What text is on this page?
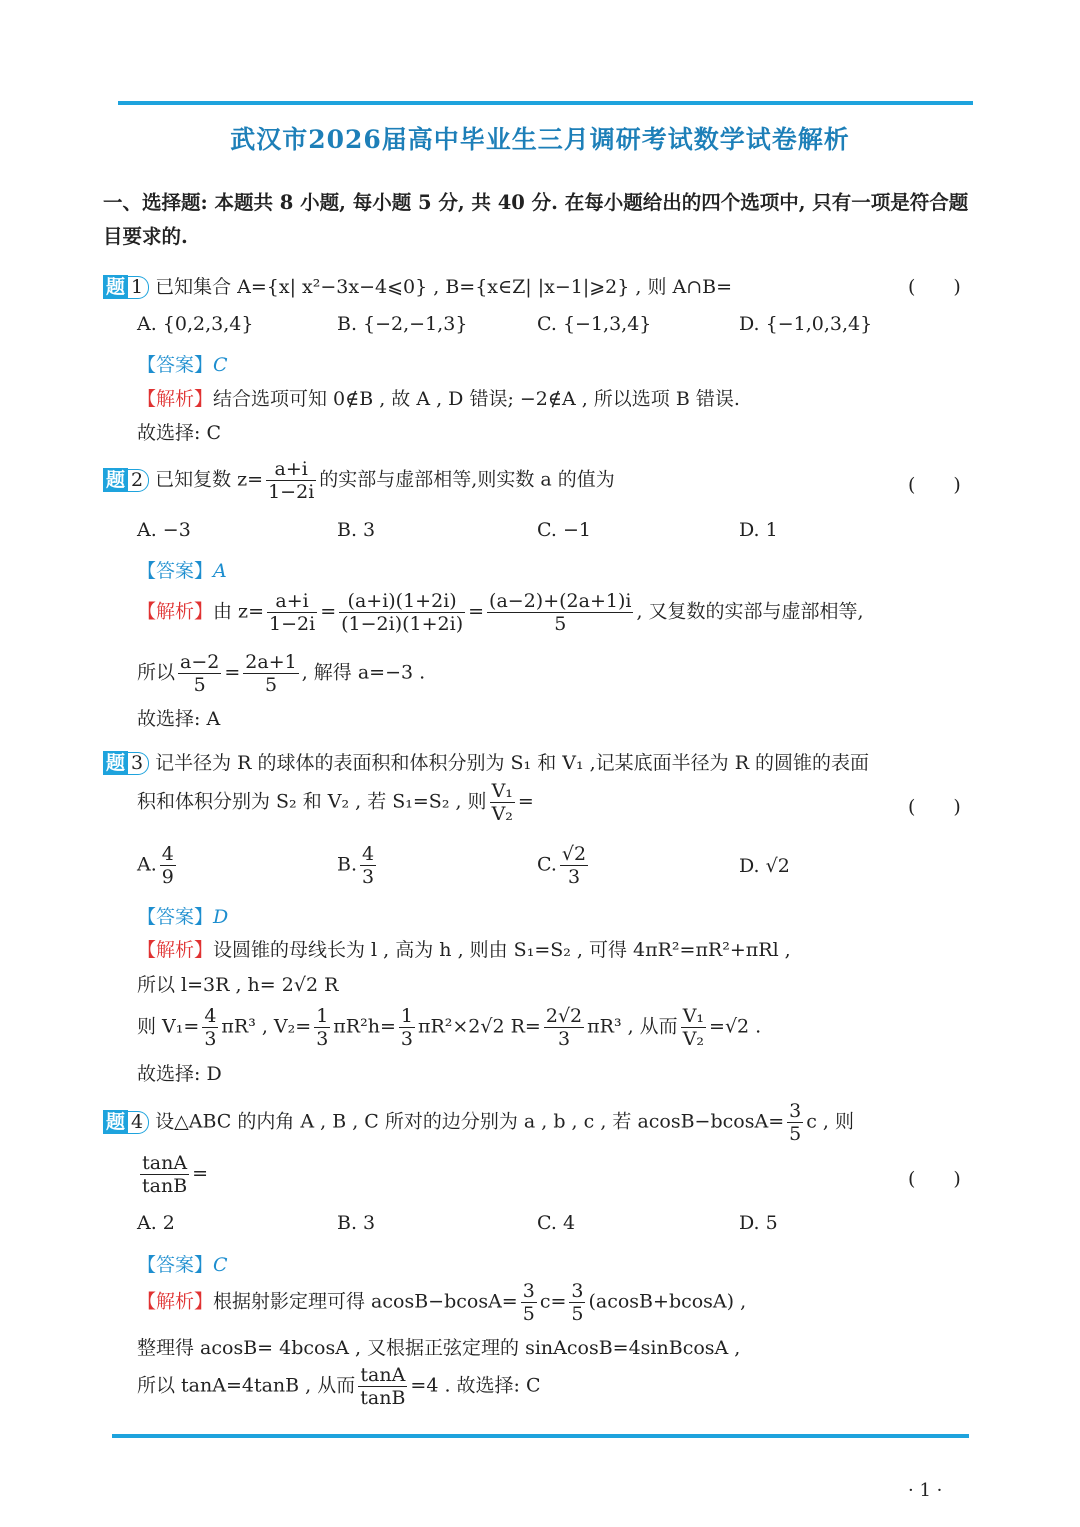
武汉市2026届高中毕业生三月调研考试数学试卷解析
一、选择题: 本题共 8 小题, 每小题 5 分, 共 40 分. 在每小题给出的四个选项中, 只有一项是符合题目要求的.
题 1 已知集合 A={x| x²−3x−4⩽0} , B={x∈Z| |x−1|⩾2} , 则 A∩B=	(　　)
A. {0,2,3,4}	B. {−2,−1,3}	C. {−1,3,4}	D. {−1,0,3,4}
【答案】C
【解析】结合选项可知 0∉B , 故 A , D 错误; −2∉A , 所以选项 B 错误.
故选择: C
题 2 已知复数 $z= \frac{a+i}{1-2i}$ 的实部与虚部相等,则实数 a 的值为	(　　)
A. −3	B. 3	C. −1	D. 1
【答案】A
【解析】由 $z= \frac{a+i}{1-2i} = \frac{(a+i)(1+2i)}{(1-2i)(1+2i)} = \frac{(a-2)+(2a+1)i}{5}$ , 又复数的实部与虚部相等,
所以 $\frac{a-2}{5} = \frac{2a+1}{5}$ , 解得 a=−3 .
故选择: A
题 3 记半径为 R 的球体的表面积和体积分别为 S₁ 和 V₁ ,记某底面半径为 R 的圆锥的表面
积和体积分别为 S₂ 和 V₂ , 若 S₁=S₂ , 则 $\frac{\text{V₁}}{\text{V₂}}$ =	(　　)
A. $\frac{4}{9}$	B. $\frac{4}{3}$	C. $\frac{√2}{3}$	D. √2
【答案】D
【解析】设圆锥的母线长为 l , 高为 h , 则由 S₁=S₂ , 可得 4πR²=πR²+πRl ,
所以 l=3R , h= 2√2 R
则 $V_1= \frac{4}{3} \pi R^3$ , $V_2= \frac{1}{3} \pi R^2h= \frac{1}{3} \pi R^2\times 2√2$ $R= \frac{2√2}{3} \pi R^3$ , 从而 $\frac{\text{V₁}}{\text{V₂}} =√2$ .
故选择: D
题 4 设△ABC 的内角 A , B , C 所对的边分别为 a , b , c , 若 $acosB-bcosA= \frac{3}{5}$ c , 则
$\frac{\tan A}{\tan B}$ =	(　　)
A. 2	B. 3	C. 4	D. 5
【答案】C
【解析】根据射影定理可得 $acosB-bcosA= \frac{3}{5} c= \frac{3}{5} (acosB+bcosA)$ ,
整理得 acosB= 4bcosA , 又根据正弦定理的 sinAcosB=4sinBcosA ,
所以 tanA=4tanB , 从而 $\frac{\tan A}{\tan B} =4$ . 故选择: C
· 1 ·
